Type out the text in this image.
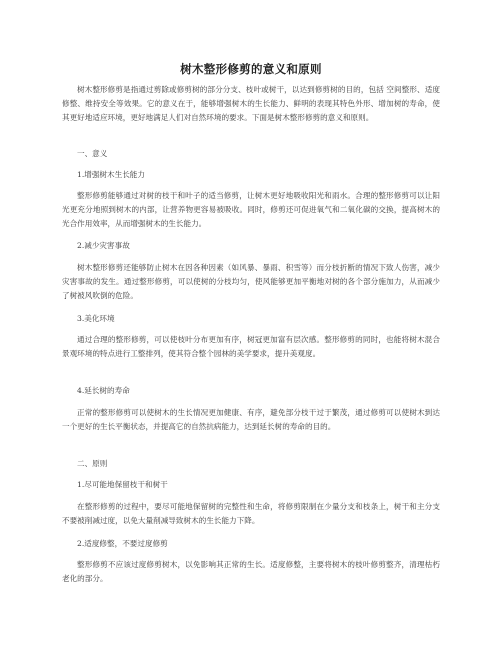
树木整形修剪的意义和原则

树木整形修剪是指通过剪除或修剪树的部分分支、枝叶或树干，以达到修剪树的目的，包括 空间整形、适度修整、维持安全等效果。它的意义在于，能够增强树木的生长能力、鲜明的表现其特色外形、增加树的寿命，使其更好地适应环境，更好地满足人们对自然环境的要求。下面是树木整形修剪的意义和原则。

一、意义

1.增强树木生长能力

整形修剪能够通过对树的枝干和叶子的适当修剪，让树木更好地吸收阳光和雨水。合理的整形修剪可以让阳光更充分地照到树木的内部，让营养物更容易被吸收。同时，修剪还可促进氧气和二氧化碳的交换，提高树木的光合作用效率，从而增强树木的生长能力。

2.减少灾害事故

树木整形修剪还能够防止树木在因各种因素（如风暴、暴雨、积雪等）而分枝折断的情况下致人伤害，减少灾害事故的发生。通过整形修剪，可以使树的分枝均匀，使风能够更加平衡地对树的各个部分施加力，从而减少了树被风吹倒的危险。

3.美化环境

通过合理的整形修剪，可以使枝叶分布更加有序，树冠更加富有层次感。整形修剪的同时，也能将树木混合景观环境的特点进行工整排列，使其符合整个园林的美学要求，提升美观度。

4.延长树的寿命

正常的整形修剪可以使树木的生长情况更加健康、有序，避免部分枝干过于繁茂，通过修剪可以使树木到达一个更好的生长平衡状态，并提高它的自然抗病能力，达到延长树的寿命的目的。

二、原则

1.尽可能地保留枝干和树干

在整形修剪的过程中，要尽可能地保留树的完整性和生命，将修剪限制在少量分支和枝条上，树干和主分支不要被削减过度，以免大量削减导致树木的生长能力下降。

2.适度修整，不要过度修剪

整形修剪不应该过度修剪树木，以免影响其正常的生长。适度修整，主要将树木的枝叶修剪整齐，清理枯朽老化的部分。
